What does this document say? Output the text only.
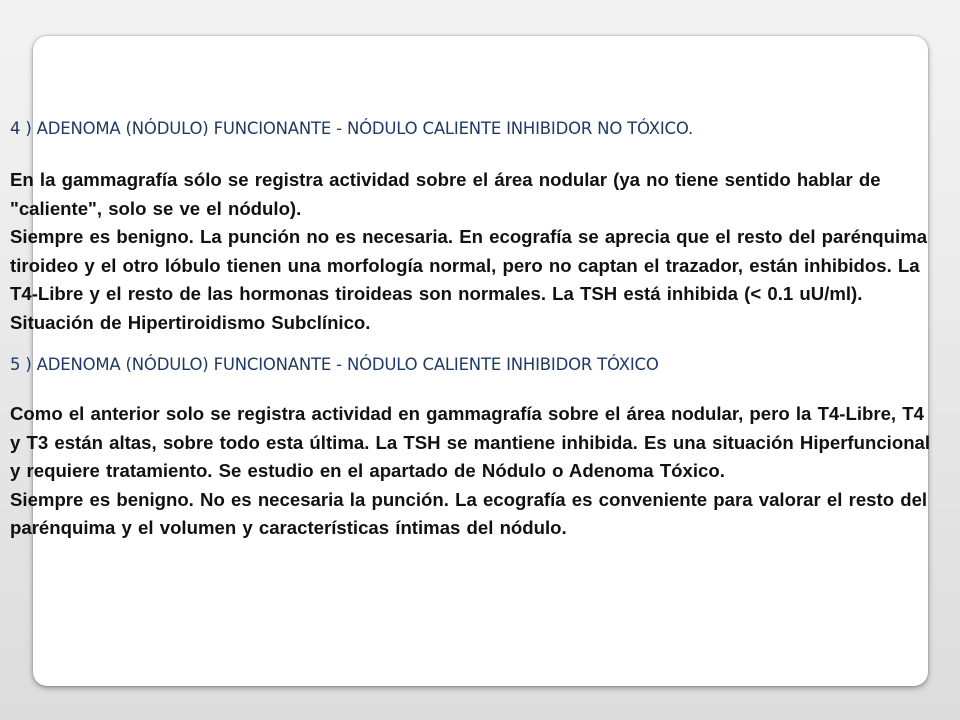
4 ) ADENOMA (NÓDULO) FUNCIONANTE - NÓDULO CALIENTE INHIBIDOR NO TÓXICO.

En la gammagrafía sólo se registra actividad sobre el área nodular (ya no tiene sentido hablar de "caliente", solo se ve el nódulo).

Siempre es benigno. La punción no es necesaria. En ecografía se aprecia que el resto del parénquima tiroideo y el otro lóbulo tienen una morfología normal, pero no captan el trazador, están inhibidos. La T4-Libre y el resto de las hormonas tiroideas son normales. La TSH está inhibida (< 0.1 uU/ml). Situación de Hipertiroidismo Subclínico.

5 ) ADENOMA (NÓDULO) FUNCIONANTE - NÓDULO CALIENTE INHIBIDOR TÓXICO

Como el anterior solo se registra actividad en gammagrafía sobre el área nodular, pero la T4-Libre, T4 y T3 están altas, sobre todo esta última. La TSH se mantiene inhibida. Es una situación Hiperfuncional y requiere tratamiento. Se estudio en el apartado de Nódulo o Adenoma Tóxico.

Siempre es benigno. No es necesaria la punción. La ecografía es conveniente para valorar el resto del parénquima y el volumen y características íntimas del nódulo.
